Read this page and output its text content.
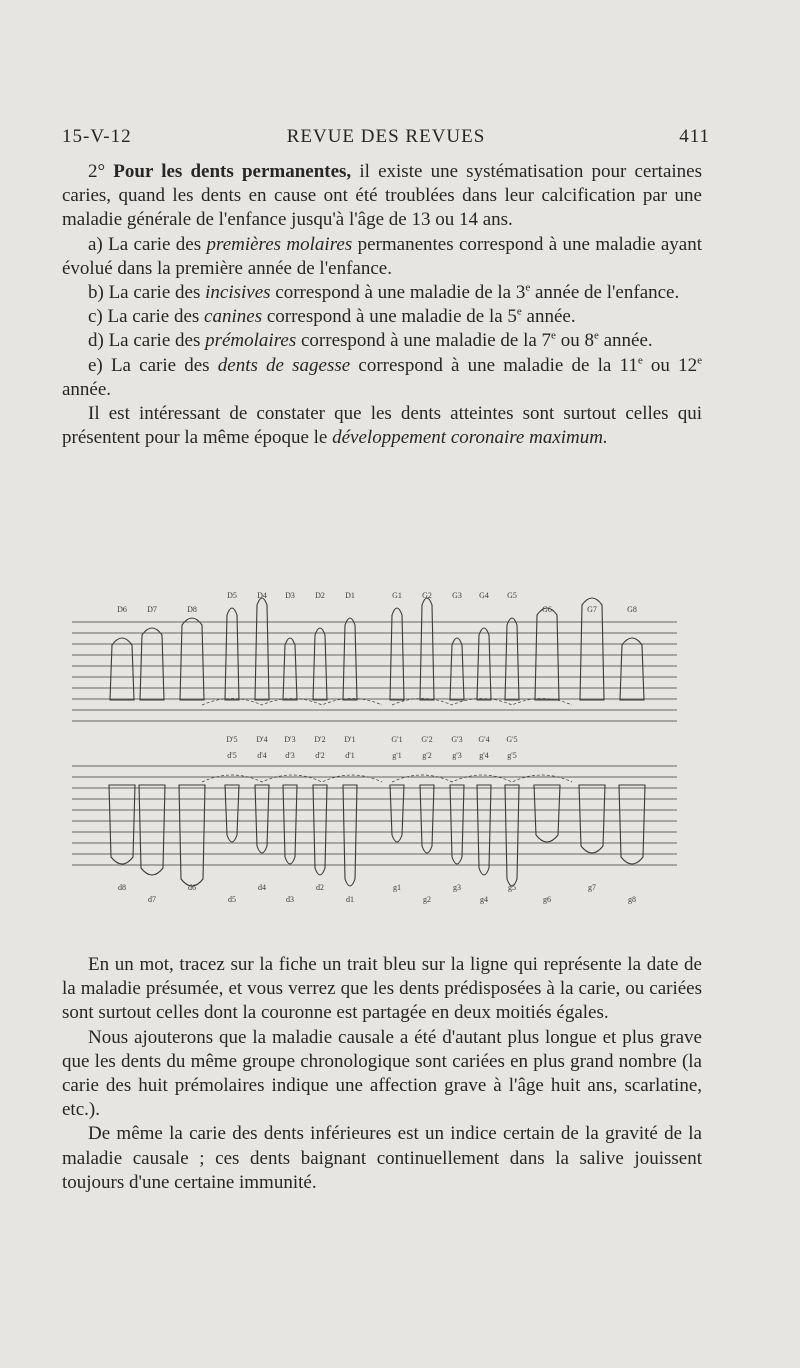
15-V-12	REVUE DES REVUES	411

2° Pour les dents permanentes, il existe une systématisation pour certaines caries, quand les dents en cause ont été troublées dans leur calcification par une maladie générale de l'enfance jusqu'à l'âge de 13 ou 14 ans.

a) La carie des premières molaires permanentes correspond à une maladie ayant évolué dans la première année de l'enfance.

b) La carie des incisives correspond à une maladie de la 3e année de l'enfance.

c) La carie des canines correspond à une maladie de la 5e année.

d) La carie des prémolaires correspond à une maladie de la 7e ou 8e année.

e) La carie des dents de sagesse correspond à une maladie de la 11e ou 12e année.

Il est intéressant de constater que les dents atteintes sont surtout celles qui présentent pour la même époque le développement coronaire maximum.

D6	D7	D8
D5	D4 D3	D2	D1	G1	G2	G3 G4 G5
G6	G7	G8
D'5 D'4 D'3 D'2 D'1	G'1 G'2 G'3 G'4 G'5
d'5	d'4 d'3	d'2	d'1	g'1	g'2	g'3 g'4 g'5
d8
d7
d6
d5
d4
d3
d2
d1
g1
g2
g3
g4
g5
g6
g7
g8

En un mot, tracez sur la fiche un trait bleu sur la ligne qui représente la date de la maladie présumée, et vous verrez que les dents prédisposées à la carie, ou cariées sont surtout celles dont la couronne est partagée en deux moitiés égales.

Nous ajouterons que la maladie causale a été d'autant plus longue et plus grave que les dents du même groupe chronologique sont cariées en plus grand nombre (la carie des huit prémolaires indique une affection grave à l'âge huit ans, scarlatine, etc.).

De même la carie des dents inférieures est un indice certain de la gravité de la maladie causale ; ces dents baignant continuellement dans la salive jouissent toujours d'une certaine immunité.
